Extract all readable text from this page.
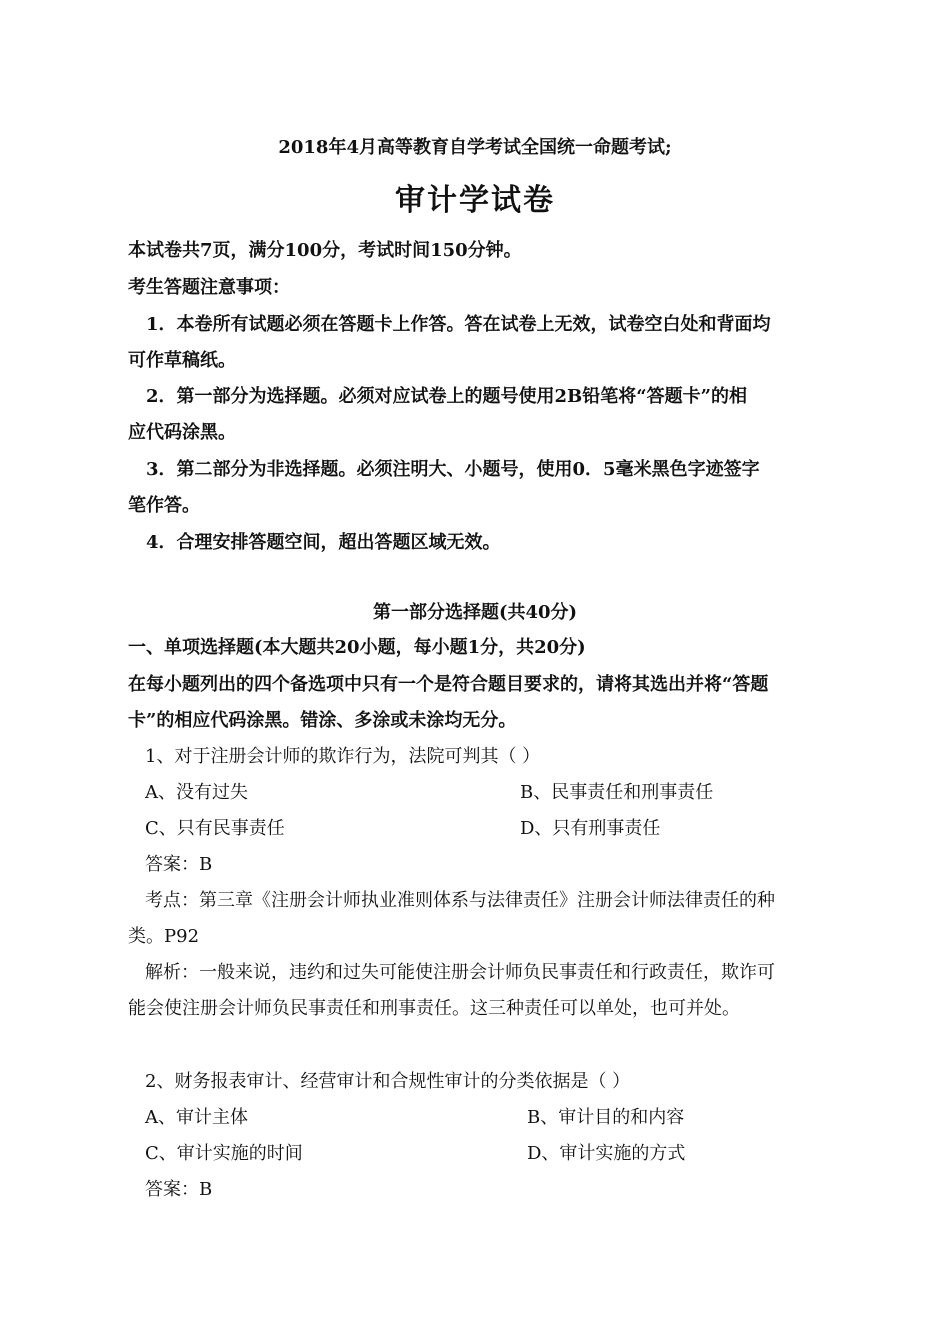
2018年4月高等教育自学考试全国统一命题考试;
审计学试卷
本试卷共7页，满分100分，考试时间150分钟。
考生答题注意事项：
1．本卷所有试题必须在答题卡上作答。答在试卷上无效，试卷空白处和背面均
可作草稿纸。
2．第一部分为选择题。必须对应试卷上的题号使用2B铅笔将“答题卡”的相
应代码涂黑。
3．第二部分为非选择题。必须注明大、小题号，使用0．5毫米黑色字迹签字
笔作答。
4．合理安排答题空间，超出答题区域无效。
第一部分选择题(共40分)
一、单项选择题(本大题共20小题，每小题1分，共20分)
在每小题列出的四个备选项中只有一个是符合题目要求的，请将其选出并将“答题
卡”的相应代码涂黑。错涂、多涂或未涂均无分。
1、对于注册会计师的欺诈行为，法院可判其（ ）
A、没有过失	B、民事责任和刑事责任
C、只有民事责任	D、只有刑事责任
答案：B
考点：第三章《注册会计师执业准则体系与法律责任》注册会计师法律责任的种
类。P92
解析：一般来说，违约和过失可能使注册会计师负民事责任和行政责任，欺诈可
能会使注册会计师负民事责任和刑事责任。这三种责任可以单处，也可并处。
2、财务报表审计、经营审计和合规性审计的分类依据是（ ）
A、审计主体	B、审计目的和内容
C、审计实施的时间	D、审计实施的方式
答案：B
